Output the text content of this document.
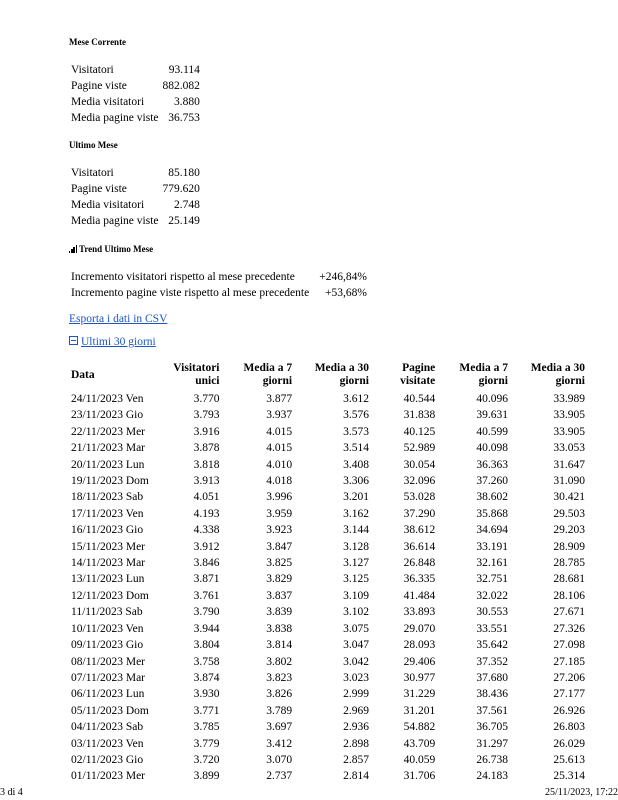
Mese Corrente
Visitatori	93.114
Pagine viste	882.082
Media visitatori	3.880
Media pagine viste	36.753
Ultimo Mese
Visitatori	85.180
Pagine viste	779.620
Media visitatori	2.748
Media pagine viste	25.149
Trend Ultimo Mese
Incremento visitatori rispetto al mese precedente	+246,84%
Incremento pagine viste rispetto al mese precedente	+53,68%
Esporta i dati in CSV
Ultimi 30 giorni
Data	Visitatori unici	Media a 7 giorni	Media a 30 giorni	Pagine visitate	Media a 7 giorni	Media a 30 giorni
24/11/2023 Ven	3.770	3.877	3.612	40.544	40.096	33.989
23/11/2023 Gio	3.793	3.937	3.576	31.838	39.631	33.905
22/11/2023 Mer	3.916	4.015	3.573	40.125	40.599	33.905
21/11/2023 Mar	3.878	4.015	3.514	52.989	40.098	33.053
20/11/2023 Lun	3.818	4.010	3.408	30.054	36.363	31.647
19/11/2023 Dom	3.913	4.018	3.306	32.096	37.260	31.090
18/11/2023 Sab	4.051	3.996	3.201	53.028	38.602	30.421
17/11/2023 Ven	4.193	3.959	3.162	37.290	35.868	29.503
16/11/2023 Gio	4.338	3.923	3.144	38.612	34.694	29.203
15/11/2023 Mer	3.912	3.847	3.128	36.614	33.191	28.909
14/11/2023 Mar	3.846	3.825	3.127	26.848	32.161	28.785
13/11/2023 Lun	3.871	3.829	3.125	36.335	32.751	28.681
12/11/2023 Dom	3.761	3.837	3.109	41.484	32.022	28.106
11/11/2023 Sab	3.790	3.839	3.102	33.893	30.553	27.671
10/11/2023 Ven	3.944	3.838	3.075	29.070	33.551	27.326
09/11/2023 Gio	3.804	3.814	3.047	28.093	35.642	27.098
08/11/2023 Mer	3.758	3.802	3.042	29.406	37.352	27.185
07/11/2023 Mar	3.874	3.823	3.023	30.977	37.680	27.206
06/11/2023 Lun	3.930	3.826	2.999	31.229	38.436	27.177
05/11/2023 Dom	3.771	3.789	2.969	31.201	37.561	26.926
04/11/2023 Sab	3.785	3.697	2.936	54.882	36.705	26.803
03/11/2023 Ven	3.779	3.412	2.898	43.709	31.297	26.029
02/11/2023 Gio	3.720	3.070	2.857	40.059	26.738	25.613
01/11/2023 Mer	3.899	2.737	2.814	31.706	24.183	25.314
3 di 4	25/11/2023, 17:22
